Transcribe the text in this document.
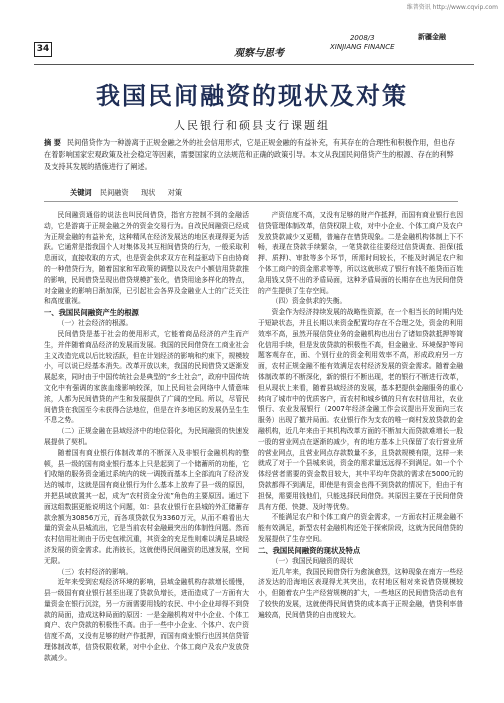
维普资讯 http://www.cqvip.com
34	观察与思考
2008/3
XINJIANG FINANCE
新疆金融
我国民间融资的现状及对策
人民银行和硕县支行课题组
摘 要 民间借贷作为一种游离于正规金融之外的社会信用形式，它是正规金融的有益补充，有其存在的合理性和积极作用，但也存在着影响国家宏观政策及社会稳定等因素，需要国家的立法规范和正确的政策引导。本文从我国民间借贷产生的根源、存在的利弊及支持其发展的措施进行了阐述。
关键词 民间融资 现状 对策

民间融资通俗的说法也叫民间借贷，指官方控制不到的金融活动，它是游离于正规金融之外的资金交易行为。自改民间融资已经成为正规金融的有益补充，这种精风在经济发展达的地区表现得更为活跃。它通常是指我国个人对集体及其互相间借贷的行为，一般采取利息面议，直接收取的方式，也是资金供求双方在利益驱动下自由协商的一种借贷行为，随着国家和军政策的调整以及农户小额信用贷款推的影响，民间借贷呈现出借贷规模扩张化，借贷用途多样化的特点，对金融业的影响日渐加深，已引起社会各界及金融业人士的广泛关注和高度重视。

一、我国民间融资产生的根源
（一）社会经济的根源。

民间借贷是基于社会的使用形式，它能着商品经济的产生而产生，并伴随着商品经济的发展而发展。我国的民间借贷在工商业社会主义改造完成以后比较活跃，但在计划经济的影响和约束下，规模较小，可以说已经基本消失。改革开放以来，我国的民间借贷又逐渐发展起来，同时由于中国传统社会是典型的“乡土社会”，政府中国传统文化中有强调的家族血缘影响较深，加上民间社会网络中人情意味浓，人都为民间借贷的产生和发展提供了广阔的空间。所以，尽管民间借贷在我国至今未获得合法地位，但是在许多地区的发展仍呈生生不息之势。

（二）正规金融在县域经济中的地位弱化，为民间融资的快速发展提供了契机。

随着国有商业银行体制改革的不断深入及非银行金融机构的整顿，县一级的国有商业银行基本上只是起到了一个储蓄所的功能，它们收缩的服务资金通过系统内的统一调拨而基本上全部流向了经济发达的城市，这就是国有商业银行为什么基本上放弃了县一级的原因，并把县域放置其一起，成为“农村资金分流”角色的主要原因。通过下面这组数据更能说明这个问题，如：县农业银行在县城的外汇储蓄存款余额为30856万元，而各项贷款仅为3360万元，从而不难看出大量的资金从县城流出，它是当前农村金融最突出的体制性问题。然而农村信用社则由于历史包袱沉重，其资金的充足性则难以满足县域经济发展的资金需求。此消彼长，这就使得民间融资的迅速发展，空间无限。

（三）农村经济的影响。

近年来受到宏观经济环境的影响，县域金融机构存款增长缓慢，县一级国有商业银行甚至出现了贷款负增长，进而造成了一方面有大量资金在银行沉淀，另一方面需要用钱的农民、中小企业却得不到贷款的局面，造成这种局面的原因：一是金融机构对中小企业、个体工商户、农户贷款的积极性不高。由于一些中小企业、个体户、农户资信度不高，又没有足够的财产作抵押，而国有商业银行也因其信贷管理体制改革，信贷权限收紧，对中小企业、个体工商户及农户发放贷款减少。

产资信度不高，又没有足够的财产作抵押，而国有商业银行也因信贷管理体制改革，信贷权限上收，对中小企业、个体工商户及农户发放贷款减少又更精，普遍存在惜贷现象。二是金融机构体制上下不畅，表现在贷款手续繁杂，一笔贷款往往要经过信贷调查、担保(抵押、质押)、审批等多个环节，所需时间较长，不能及时满足农户和个体工商户的资金需求等等，所以这就形成了银行有钱不能贷而百姓急用钱又贷不出的矛盾局面，这种矛盾局面的长期存在也为民间借贷的产生提供了生存空间。

（四）资金供求的失衡。

资金作为经济持续发展的战略性资源，在一个相当长的时期内处于短缺状态，并且长期以来资金配置均存在不合理之处，资金的利用效率不高，虽然开展信贷业务的金融机构也出台了诸如贷款抵押等简化信用手续，但是发放贷款的积极性不高，但金融业、环境保护等问题客观存在，面、个别行业的资金利用效率不高，形成政府另一方面，农村正规金融不能有效满足农村经济发展的资金需求。随着金融体制改革的不断深化，新的银行不断出现，老的银行不断进行改革，但从现状上来看，随着县域经济的发展，基本把提供金融服务的重心转向了城市中的优质客户，而农村和城乡镇的只有农村信用社，农业银行、农业发展银行（2007年经济金融工作会议提出开发面向三农服务）出现了撤并局面。农业银行作为支农的唯一商村发放贷款的金融机构，近几年来由于其机构改革方面的不断加大而贷款难增长一股一股的营业网点在逐渐的减少，有的地方基本上只保留了农行营业所的营业网点，且营业网点存款数量不多，且贷款规模有限，这样一来就成了对于一个县城来说，资金的需求量远远得不到满足。如一个个体经营者需要的资金数目较大，其中平均年贷款的需求在5000元的贷款都得不到满足，即使是有资金也得不到贷款的情况下，但由于有担保，需要用钱他们，只能选择民间借贷。其原因主要在于民间借贷具有方便、快捷、及时等优势。

不能满足农户和个体工商户的资金需求，一方面农村正规金融不能有效满足，新型农村金融机构还处于探索阶段，这就为民间借贷的发展提供了生存空间。

二、我国民间融资的现状及特点
（一）我国民间融资的现状

近几年来，我国民间借贷行为愈演愈烈，这种现象在南方一些经济发达的沿海地区表现得尤其突出，农村地区相对来说借贷规模较小，但随着农户生产经营规模的扩大，一些地区的民间借贷活动也有了较快的发展，这就使得民间借贷的成本高于正规金融，借贷利率普遍较高，民间借贷的自由度较大。
